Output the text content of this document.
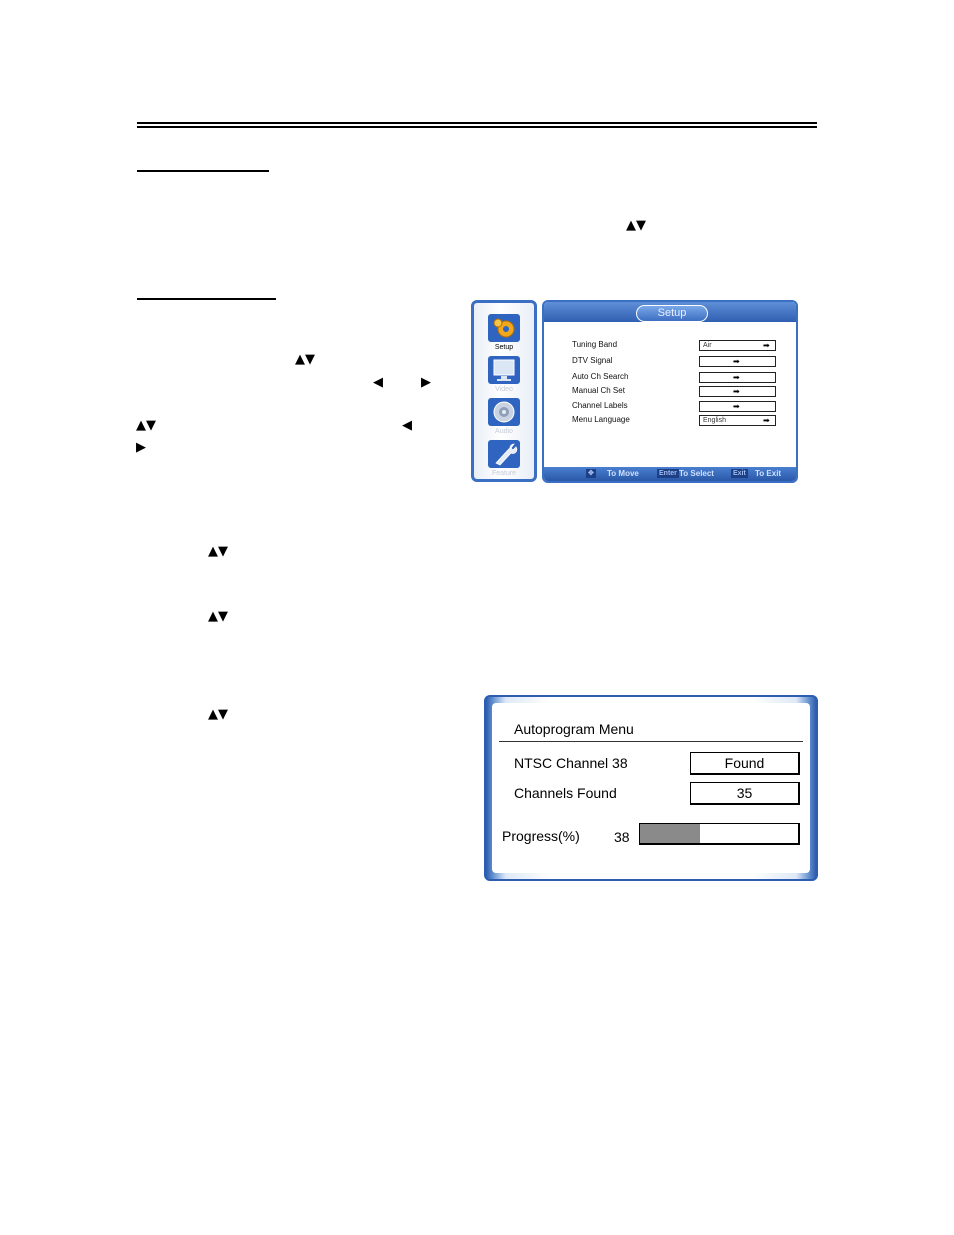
▲▼
▲▼
◀	▶
▲▼	◀
▶
▲▼
▲▼
▲▼
Setup
Video
Audio
Feature
Tuning Band	Air	➡
DTV Signal	➡
Auto Ch Search	➡
Manual Ch Set	➡
Channel Labels	➡
Menu Language	English	➡
Setup
✥ To Move	Enter To Select	Exit To Exit
Autoprogram Menu
NTSC Channel 38	Found
Channels Found	35
Progress(%) 38
